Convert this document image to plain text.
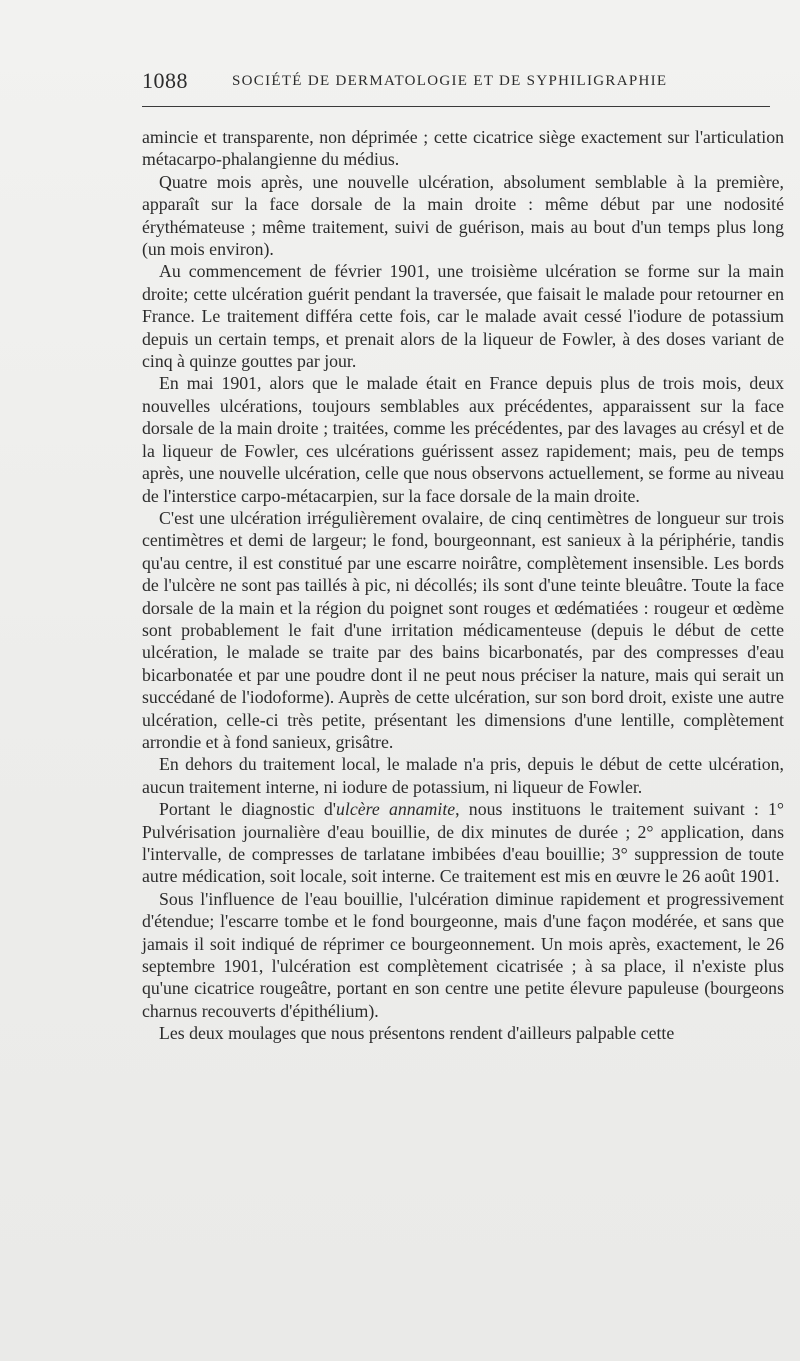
1088	SOCIÉTÉ DE DERMATOLOGIE ET DE SYPHILIGRAPHIE

amincie et transparente, non déprimée ; cette cicatrice siège exactement sur l'articulation métacarpo-phalangienne du médius.

Quatre mois après, une nouvelle ulcération, absolument semblable à la première, apparaît sur la face dorsale de la main droite : même début par une nodosité érythémateuse ; même traitement, suivi de guérison, mais au bout d'un temps plus long (un mois environ).

Au commencement de février 1901, une troisième ulcération se forme sur la main droite; cette ulcération guérit pendant la traversée, que faisait le malade pour retourner en France. Le traitement différa cette fois, car le malade avait cessé l'iodure de potassium depuis un certain temps, et prenait alors de la liqueur de Fowler, à des doses variant de cinq à quinze gouttes par jour.

En mai 1901, alors que le malade était en France depuis plus de trois mois, deux nouvelles ulcérations, toujours semblables aux précédentes, apparaissent sur la face dorsale de la main droite ; traitées, comme les précédentes, par des lavages au crésyl et de la liqueur de Fowler, ces ulcérations guérissent assez rapidement; mais, peu de temps après, une nouvelle ulcération, celle que nous observons actuellement, se forme au niveau de l'interstice carpo-métacarpien, sur la face dorsale de la main droite.

C'est une ulcération irrégulièrement ovalaire, de cinq centimètres de longueur sur trois centimètres et demi de largeur; le fond, bourgeonnant, est sanieux à la périphérie, tandis qu'au centre, il est constitué par une escarre noirâtre, complètement insensible. Les bords de l'ulcère ne sont pas taillés à pic, ni décollés; ils sont d'une teinte bleuâtre. Toute la face dorsale de la main et la région du poignet sont rouges et œdématiées : rougeur et œdème sont probablement le fait d'une irritation médicamenteuse (depuis le début de cette ulcération, le malade se traite par des bains bicarbonatés, par des compresses d'eau bicarbonatée et par une poudre dont il ne peut nous préciser la nature, mais qui serait un succédané de l'iodoforme). Auprès de cette ulcération, sur son bord droit, existe une autre ulcération, celle-ci très petite, présentant les dimensions d'une lentille, complètement arrondie et à fond sanieux, grisâtre.

En dehors du traitement local, le malade n'a pris, depuis le début de cette ulcération, aucun traitement interne, ni iodure de potassium, ni liqueur de Fowler.

Portant le diagnostic d'ulcère annamite, nous instituons le traitement suivant : 1° Pulvérisation journalière d'eau bouillie, de dix minutes de durée ; 2° application, dans l'intervalle, de compresses de tarlatane imbibées d'eau bouillie; 3° suppression de toute autre médication, soit locale, soit interne. Ce traitement est mis en œuvre le 26 août 1901.

Sous l'influence de l'eau bouillie, l'ulcération diminue rapidement et progressivement d'étendue; l'escarre tombe et le fond bourgeonne, mais d'une façon modérée, et sans que jamais il soit indiqué de réprimer ce bourgeonnement. Un mois après, exactement, le 26 septembre 1901, l'ulcération est complètement cicatrisée ; à sa place, il n'existe plus qu'une cicatrice rougeâtre, portant en son centre une petite élevure papuleuse (bourgeons charnus recouverts d'épithélium).

Les deux moulages que nous présentons rendent d'ailleurs palpable cette
